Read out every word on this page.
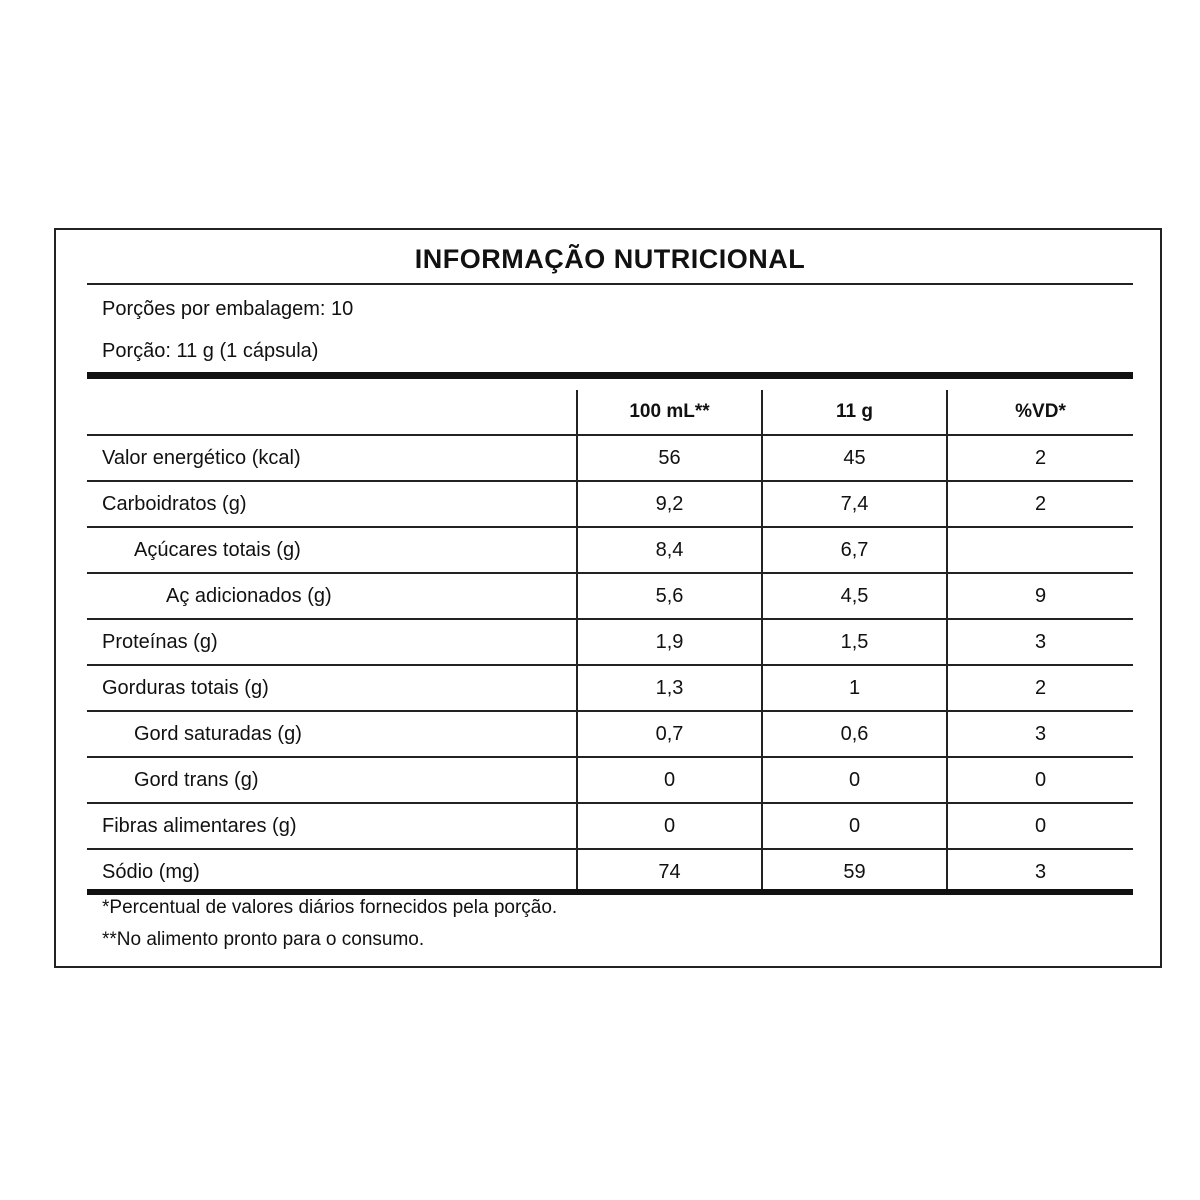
INFORMAÇÃO NUTRICIONAL
Porções por embalagem: 10
Porção: 11 g (1 cápsula)
	100 mL**	11 g	%VD*
Valor energético (kcal)	56	45	2
Carboidratos (g)	9,2	7,4	2
Açúcares totais (g)	8,4	6,7	
Aç adicionados (g)	5,6	4,5	9
Proteínas (g)	1,9	1,5	3
Gorduras totais (g)	1,3	1	2
Gord saturadas (g)	0,7	0,6	3
Gord trans (g)	0	0	0
Fibras alimentares (g)	0	0	0
Sódio (mg)	74	59	3
*Percentual de valores diários fornecidos pela porção.
**No alimento pronto para o consumo.
